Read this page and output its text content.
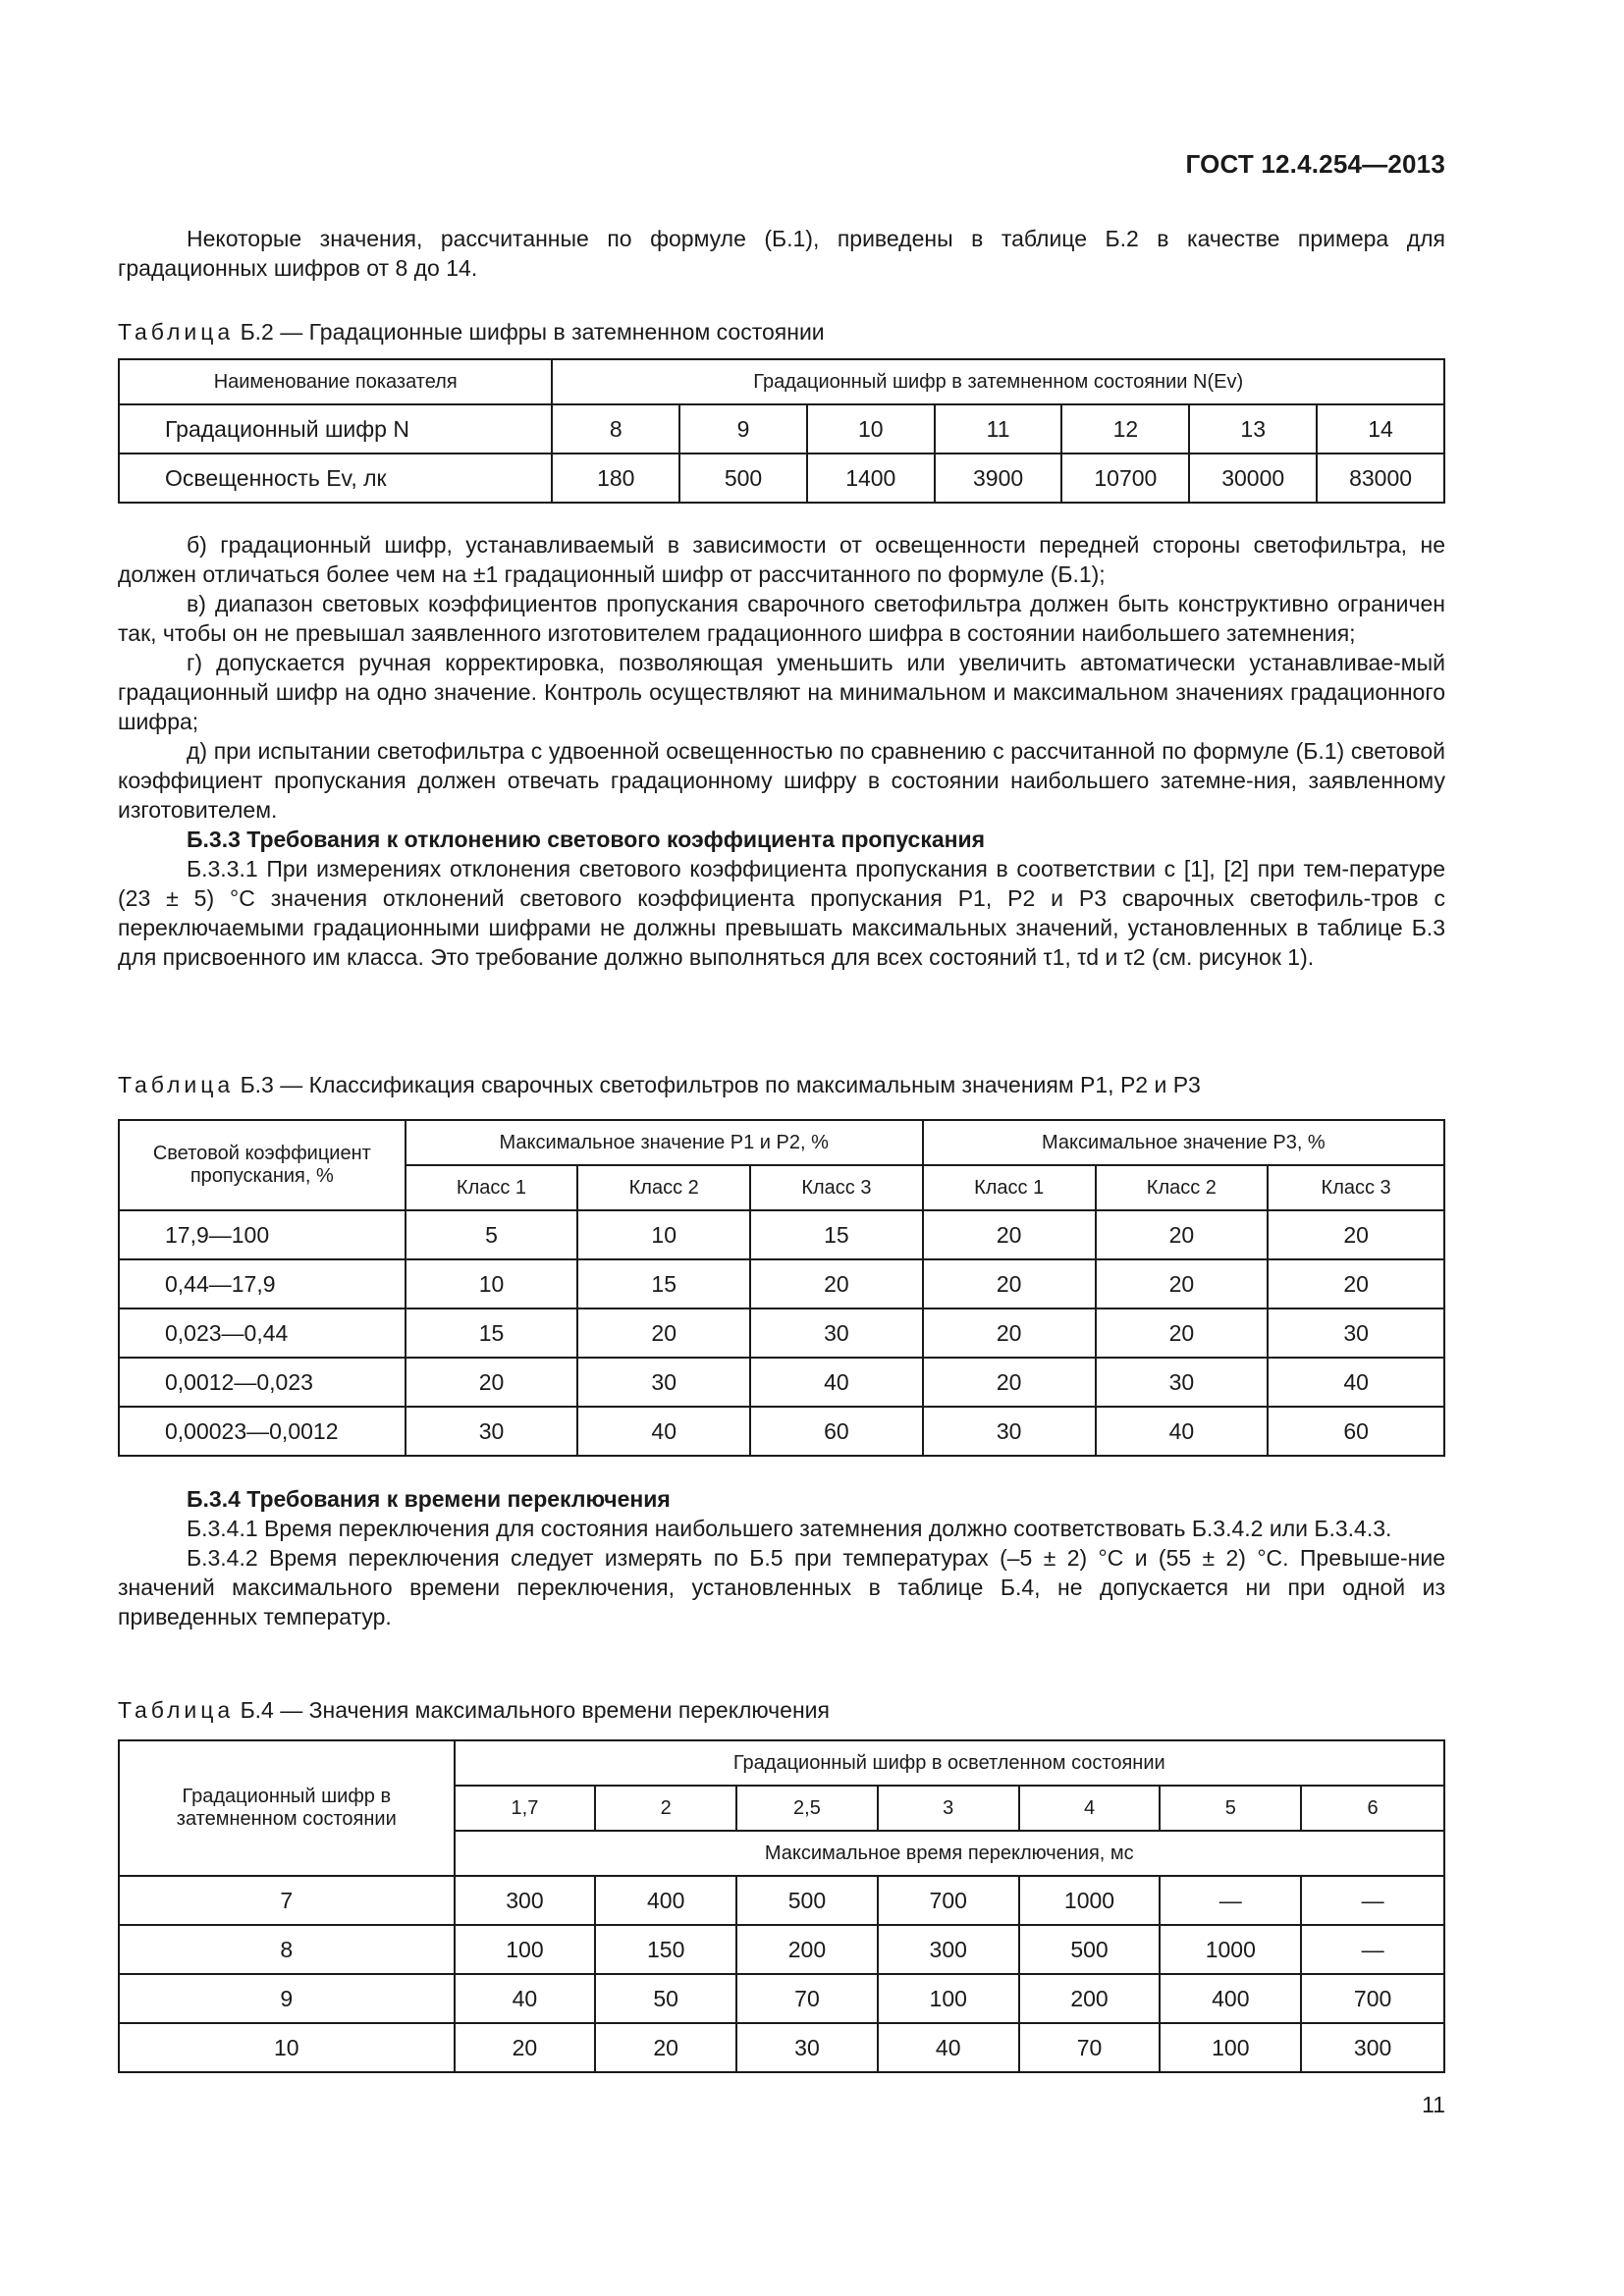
ГОСТ 12.4.254—2013

Некоторые значения, рассчитанные по формуле (Б.1), приведены в таблице Б.2 в качестве примера для градационных шифров от 8 до 14.

Таблица Б.2 — Градационные шифры в затемненном состоянии
Наименование показателя	Градационный шифр в затемненном состоянии N(Ev)						
Градационный шифр N	8	9	10	11	12	13	14
Освещенность Ev, лк	180	500	1400	3900	10700	30000	83000

б) градационный шифр, устанавливаемый в зависимости от освещенности передней стороны светофильтра, не должен отличаться более чем на ±1 градационный шифр от рассчитанного по формуле (Б.1);

в) диапазон световых коэффициентов пропускания сварочного светофильтра должен быть конструктивно ограничен так, чтобы он не превышал заявленного изготовителем градационного шифра в состоянии наибольшего затемнения;

г) допускается ручная корректировка, позволяющая уменьшить или увеличить автоматически устанавливае-мый градационный шифр на одно значение. Контроль осуществляют на минимальном и максимальном значениях градационного шифра;

д) при испытании светофильтра с удвоенной освещенностью по сравнению с рассчитанной по формуле (Б.1) световой коэффициент пропускания должен отвечать градационному шифру в состоянии наибольшего затемне-ния, заявленному изготовителем.

Б.3.3 Требования к отклонению светового коэффициента пропускания

Б.3.3.1 При измерениях отклонения светового коэффициента пропускания в соответствии с [1], [2] при тем-пературе (23 ± 5) °С значения отклонений светового коэффициента пропускания P1, P2 и P3 сварочных светофиль-тров с переключаемыми градационными шифрами не должны превышать максимальных значений, установленных в таблице Б.3 для присвоенного им класса. Это требование должно выполняться для всех состояний τ1, τd и τ2 (см. рисунок 1).

Таблица Б.3 — Классификация сварочных светофильтров по максимальным значениям P1, P2 и P3
Световой коэффициент пропускания, %	Максимальное значение P1 и P2, %			Максимальное значение P3, %		
	Класс 1	Класс 2	Класс 3	Класс 1	Класс 2	Класс 3
17,9—100	5	10	15	20	20	20
0,44—17,9	10	15	20	20	20	20
0,023—0,44	15	20	30	20	20	30
0,0012—0,023	20	30	40	20	30	40
0,00023—0,0012	30	40	60	30	40	60

Б.3.4 Требования к времени переключения

Б.3.4.1 Время переключения для состояния наибольшего затемнения должно соответствовать Б.3.4.2 или Б.3.4.3.

Б.3.4.2 Время переключения следует измерять по Б.5 при температурах (–5 ± 2) °С и (55 ± 2) °С. Превыше-ние значений максимального времени переключения, установленных в таблице Б.4, не допускается ни при одной из приведенных температур.

Таблица Б.4 — Значения максимального времени переключения
Градационный шифр в затемненном состоянии	Градационный шифр в осветленном состоянии						
	1,7	2	2,5	3	4	5	6
	Максимальное время переключения, мс						
7	300	400	500	700	1000	—	—
8	100	150	200	300	500	1000	—
9	40	50	70	100	200	400	700
10	20	20	30	40	70	100	300
11
